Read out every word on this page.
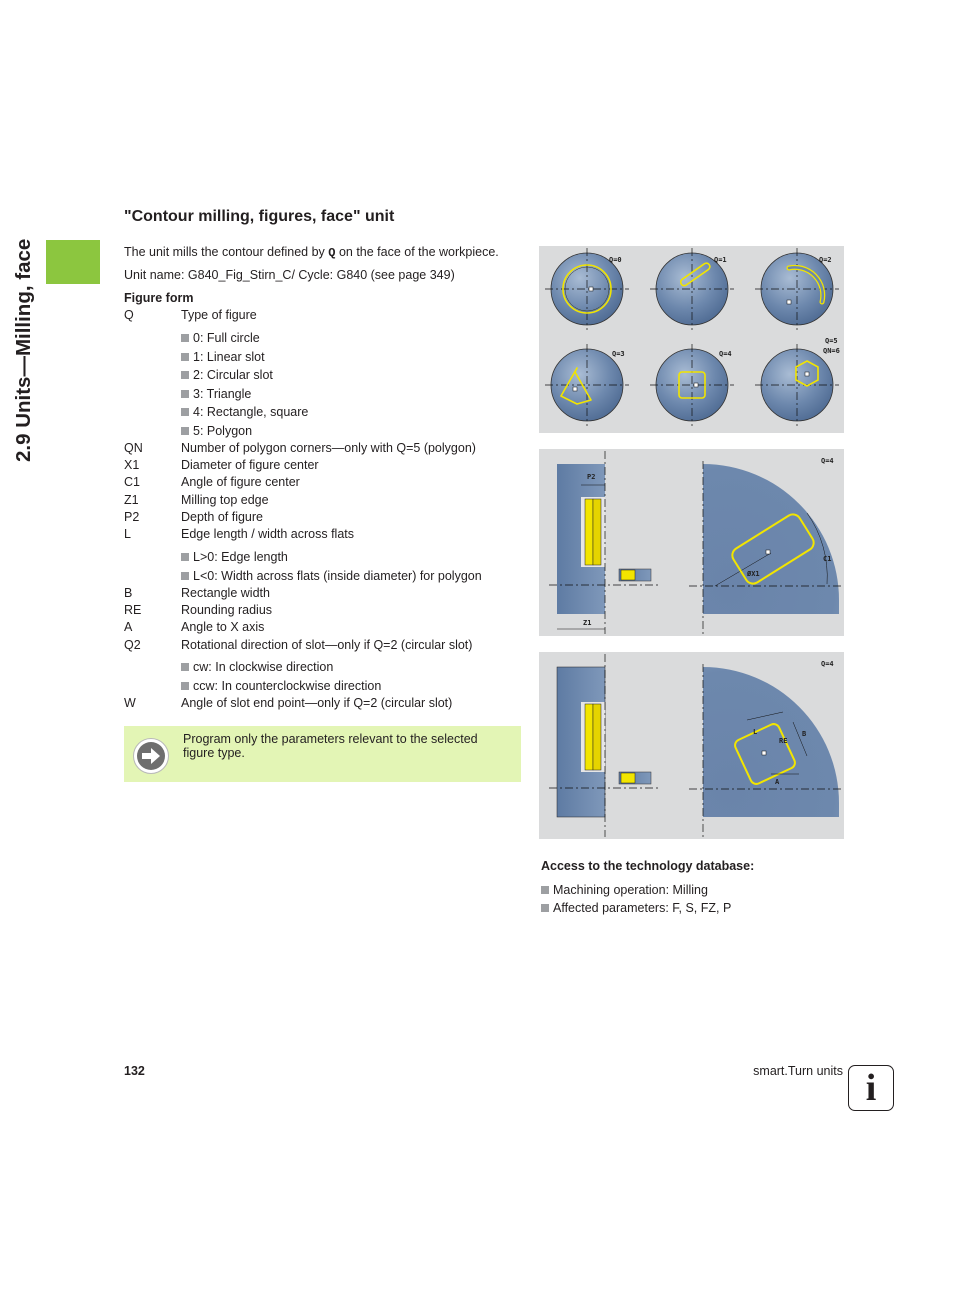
2.9 Units—Milling, face
"Contour milling, figures, face" unit
The unit mills the contour defined by Q on the face of the workpiece.
Unit name: G840_Fig_Stirn_C/ Cycle: G840 (see page 349)
Figure form
Q	Type of figure
0: Full circle
1: Linear slot
2: Circular slot
3: Triangle
4: Rectangle, square
5: Polygon
QN	Number of polygon corners—only with Q=5 (polygon)
X1	Diameter of figure center
C1	Angle of figure center
Z1	Milling top edge
P2	Depth of figure
L	Edge length / width across flats
L>0: Edge length
L<0: Width across flats (inside diameter) for polygon
B	Rectangle width
RE	Rounding radius
A	Angle to X axis
Q2	Rotational direction of slot—only if Q=2 (circular slot)
cw: In clockwise direction
ccw: In counterclockwise direction
W	Angle of slot end point—only if Q=2 (circular slot)
Program only the parameters relevant to the selected figure type.
Q=0	Q=1	Q=2
Q=3	Q=4
Q=5
QN=6
P2
Z1
ØX1
C1
Q=4
L
RE
B
A
Q=4
Access to the technology database:
Machining operation: Milling
Affected parameters: F, S, FZ, P
132	smart.Turn units i
